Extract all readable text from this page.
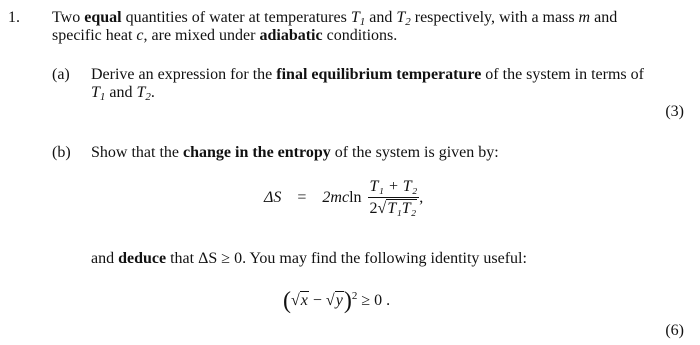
1. Two equal quantities of water at temperatures $T_1$ and $T_2$ respectively, with a mass m and
specific heat c, are mixed under adiabatic conditions.
(a) Derive an expression for the final equilibrium temperature of the system in terms of
$T_1$ and $T_2$.
(3)
(b) Show that the change in the entropy of the system is given by:
$\Delta S = 2mcln \frac{\text{T₁ + T₂}}{\text{2√T₁T₂}}$ ,
and deduce that ΔS ≥ 0. You may find the following identity useful:
$(√x - √y)^2 \ge 0$ .
(6)
